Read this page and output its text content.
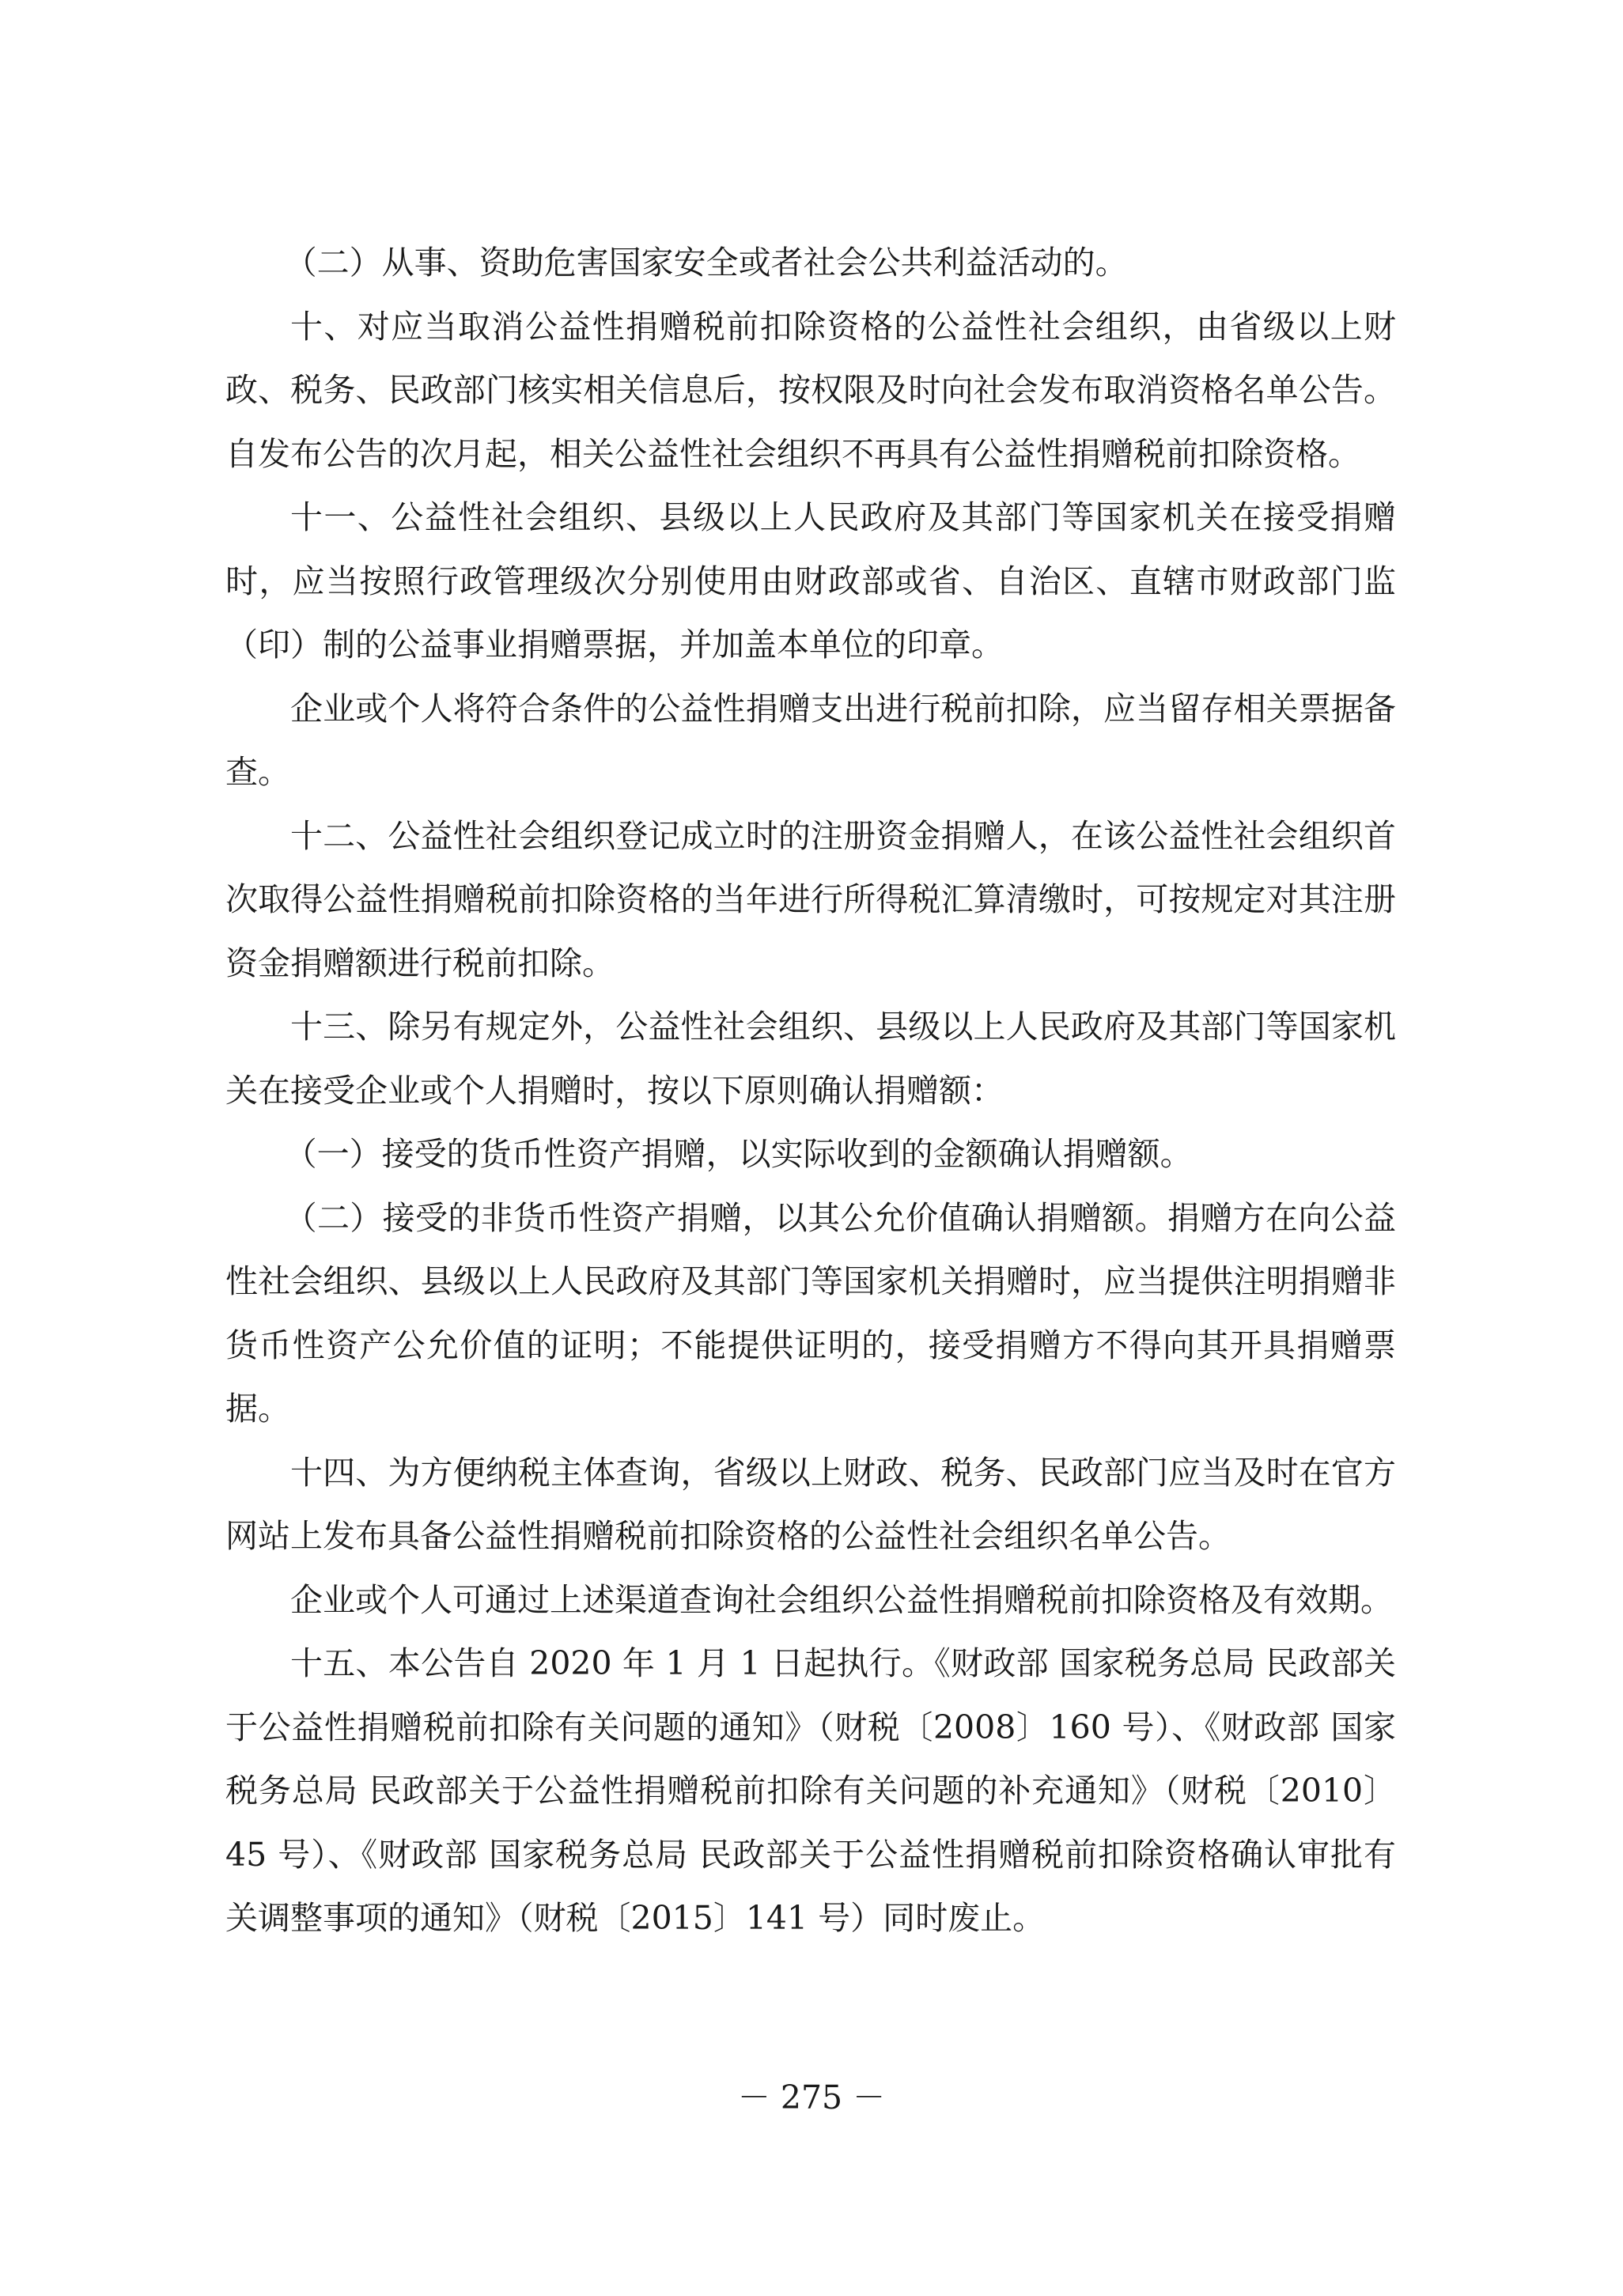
（二）从事、资助危害国家安全或者社会公共利益活动的。

十、对应当取消公益性捐赠税前扣除资格的公益性社会组织，由省级以上财政、税务、民政部门核实相关信息后，按权限及时向社会发布取消资格名单公告。自发布公告的次月起，相关公益性社会组织不再具有公益性捐赠税前扣除资格。

十一、公益性社会组织、县级以上人民政府及其部门等国家机关在接受捐赠时，应当按照行政管理级次分别使用由财政部或省、自治区、直辖市财政部门监（印）制的公益事业捐赠票据，并加盖本单位的印章。

企业或个人将符合条件的公益性捐赠支出进行税前扣除，应当留存相关票据备查。

十二、公益性社会组织登记成立时的注册资金捐赠人，在该公益性社会组织首次取得公益性捐赠税前扣除资格的当年进行所得税汇算清缴时，可按规定对其注册资金捐赠额进行税前扣除。

十三、除另有规定外，公益性社会组织、县级以上人民政府及其部门等国家机关在接受企业或个人捐赠时，按以下原则确认捐赠额：

（一）接受的货币性资产捐赠，以实际收到的金额确认捐赠额。

（二）接受的非货币性资产捐赠，以其公允价值确认捐赠额。捐赠方在向公益性社会组织、县级以上人民政府及其部门等国家机关捐赠时，应当提供注明捐赠非货币性资产公允价值的证明；不能提供证明的，接受捐赠方不得向其开具捐赠票据。

十四、为方便纳税主体查询，省级以上财政、税务、民政部门应当及时在官方网站上发布具备公益性捐赠税前扣除资格的公益性社会组织名单公告。

企业或个人可通过上述渠道查询社会组织公益性捐赠税前扣除资格及有效期。

十五、本公告自 2020 年 1 月 1 日起执行。《财政部 国家税务总局 民政部关于公益性捐赠税前扣除有关问题的通知》（财税〔2008〕160 号）、《财政部 国家税务总局 民政部关于公益性捐赠税前扣除有关问题的补充通知》（财税〔2010〕45 号）、《财政部 国家税务总局 民政部关于公益性捐赠税前扣除资格确认审批有关调整事项的通知》（财税〔2015〕141 号）同时废止。

－ 275 －
